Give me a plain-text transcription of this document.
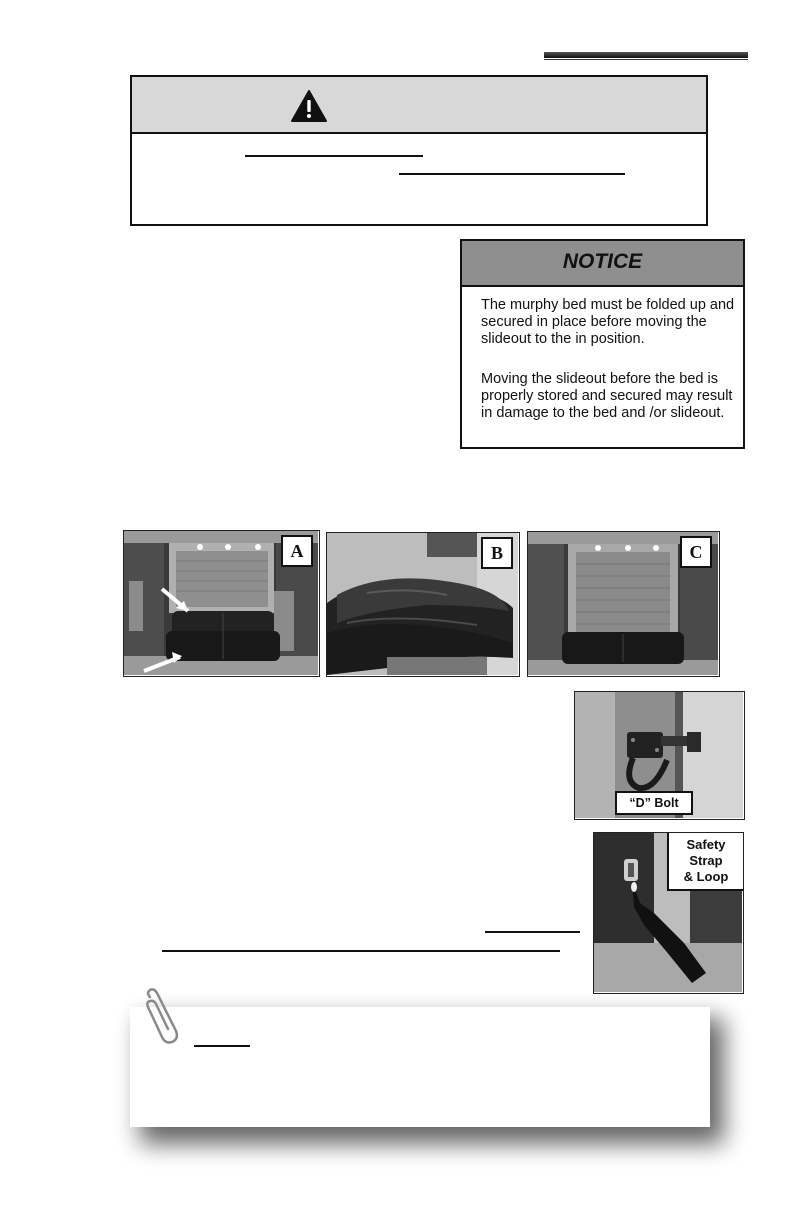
NOTICE
The murphy bed must be folded up and secured in place before moving the slideout to the in position.
Moving the slideout before the bed is properly stored and secured may result in damage to the bed and /or slideout.
A	B	C
“D” Bolt
Safety
Strap
& Loop
